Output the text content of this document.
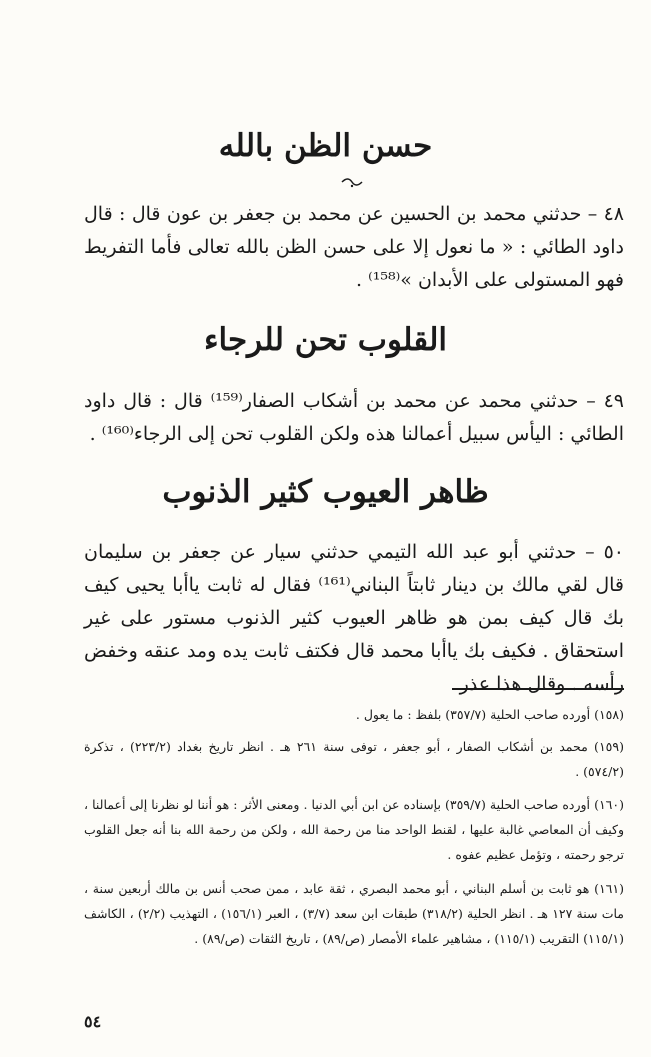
حسن الظن بالله
٤٨ – حدثني محمد بن الحسين عن محمد بن جعفر بن عون قال : قال داود الطائي : « ما نعول إلا على حسن الظن بالله تعالى فأما التفريط فهو المستولى على الأبدان »⁽¹⁵⁸⁾ .
القلوب تحن للرجاء
٤٩ – حدثني محمد عن محمد بن أشكاب الصفار⁽¹⁵⁹⁾ قال : قال داود الطائي : اليأس سبيل أعمالنا هذه ولكن القلوب تحن إلى الرجاء⁽¹⁶⁰⁾ .
ظاهر العيوب كثير الذنوب
٥٠ – حدثني أبو عبد الله التيمي حدثني سيار عن جعفر بن سليمان قال لقي مالك بن دينار ثابتاً البناني⁽¹⁶¹⁾ فقال له ثابت ياأبا يحيى كيف بك قال كيف بمن هو ظاهر العيوب كثير الذنوب مستور على غير استحقاق . فكيف بك ياأبا محمد قال فكتف ثابت يده ومد عنقه وخفض رأسه . وقال هذا عذر
(١٥٨) أورده صاحب الحلية (٣٥٧/٧) بلفظ : ما يعول .
(١٥٩) محمد بن أشكاب الصفار ، أبو جعفر ، توفى سنة ٢٦١ هـ . انظر تاريخ بغداد (٢٢٣/٢) ، تذكرة (٥٧٤/٢) .
(١٦٠) أورده صاحب الحلية (٣٥٩/٧) بإسناده عن ابن أبي الدنيا . ومعنى الأثر : هو أننا لو نظرنا إلى أعمالنا ، وكيف أن المعاصي غالبة عليها ، لقنط الواحد منا من رحمة الله ، ولكن من رحمة الله بنا أنه جعل القلوب ترجو رحمته ، وتؤمل عظيم عفوه .
(١٦١) هو ثابت بن أسلم البناني ، أبو محمد البصري ، ثقة عابد ، ممن صحب أنس بن مالك أربعين سنة ، مات سنة ١٢٧ هـ . انظر الحلية (٣١٨/٢) طبقات ابن سعد (٣/٧) ، العبر (١٥٦/١) ، التهذيب (٢/٢) ، الكاشف (١١٥/١) التقريب (١١٥/١) ، مشاهير علماء الأمصار (ص/٨٩) ، تاريخ الثقات (ص/٨٩) .
٥٤
